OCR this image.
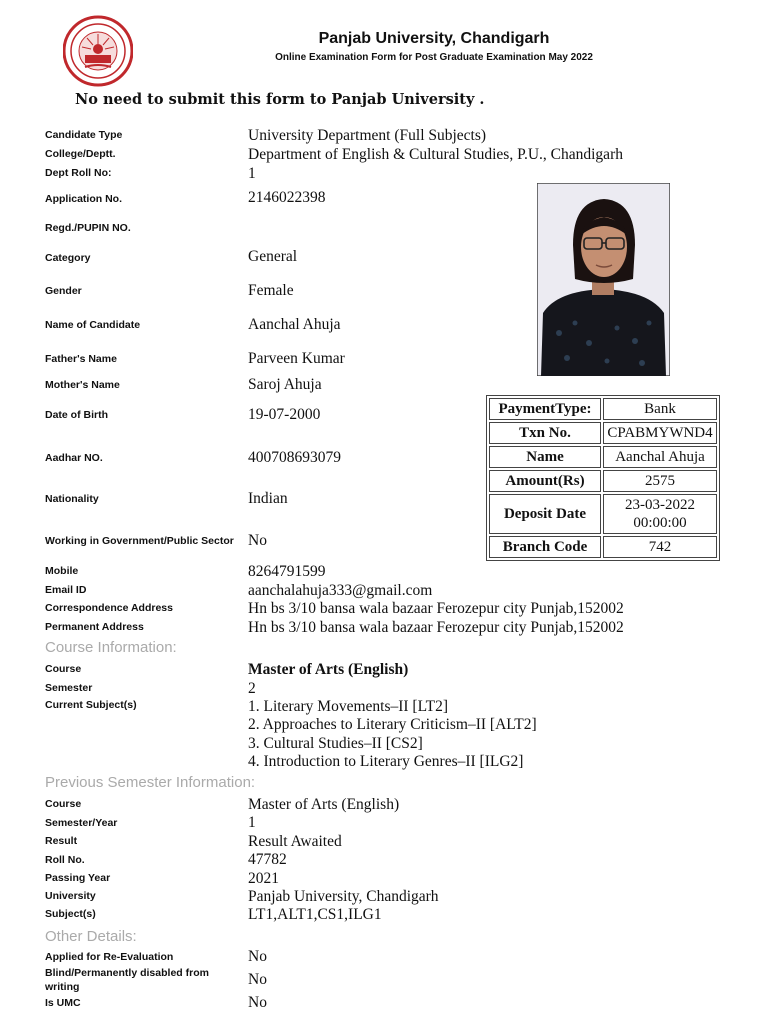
Panjab University, Chandigarh
Online Examination Form for Post Graduate Examination May 2022
No need to submit this form to Panjab University .
Candidate Type	University Department (Full Subjects)
College/Deptt.	Department of English & Cultural Studies, P.U., Chandigarh
Dept Roll No:	1
Application No.	2146022398
Regd./PUPIN NO.
Category	General
Gender	Female
Name of Candidate	Aanchal Ahuja
Father's Name	Parveen Kumar
Mother's Name	Saroj Ahuja
Date of Birth	19-07-2000
Aadhar NO.	400708693079
Nationality	Indian
Working in Government/Public Sector No
Mobile	8264791599
Email ID	aanchalahuja333@gmail.com
Correspondence Address	Hn bs 3/10 bansa wala bazaar Ferozepur city Punjab,152002
Permanent Address	Hn bs 3/10 bansa wala bazaar Ferozepur city Punjab,152002
PaymentType:	Bank
Txn No.	CPABMYWND4
Name	Aanchal Ahuja
Amount(Rs)	2575
Deposit Date	23-03-2022
00:00:00

Branch Code	742
Course Information:
Course	Master of Arts (English)
Semester	2
Current Subject(s)	1. Literary Movements–II [LT2]
2. Approaches to Literary Criticism–II [ALT2]
3. Cultural Studies–II [CS2]
4. Introduction to Literary Genres–II [ILG2]
Previous Semester Information:
Course	Master of Arts (English)
Semester/Year	1
Result	Result Awaited
Roll No.	47782
Passing Year	2021
University	Panjab University, Chandigarh
Subject(s)	LT1,ALT1,CS1,ILG1
Other Details:
Applied for Re-Evaluation	No
Blind/Permanently disabled from
writing	No
Is UMC	No
